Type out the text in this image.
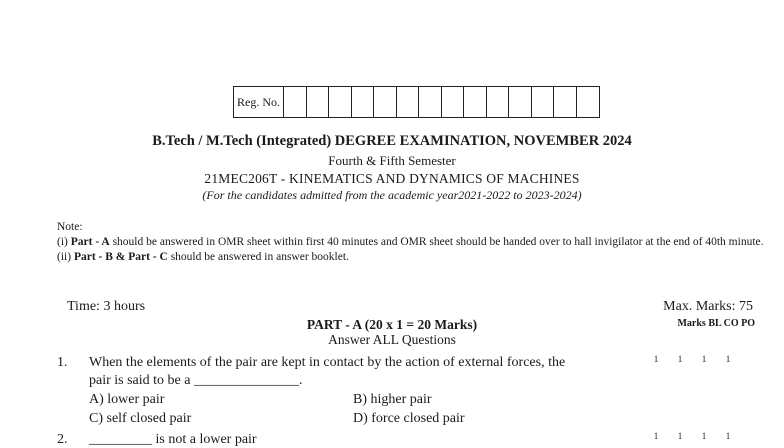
Reg. No.
B.Tech / M.Tech (Integrated) DEGREE EXAMINATION, NOVEMBER 2024
Fourth & Fifth Semester
21MEC206T - KINEMATICS AND DYNAMICS OF MACHINES
(For the candidates admitted from the academic year2021-2022 to 2023-2024)

Note:

(i) Part - A should be answered in OMR sheet within first 40 minutes and OMR sheet should be handed over to hall invigilator at the end of 40th minute.

(ii) Part - B & Part - C should be answered in answer booklet.

Time: 3 hours	Max. Marks: 75
PART - A (20 x 1 = 20 Marks)
Answer ALL Questions
Marks BL CO PO
1. When the elements of the pair are kept in contact by the action of external forces, the	1 1 1 1
pair is said to be a _______________.
A) lower pair	B) higher pair
C) self closed pair	D) force closed pair
2. _________ is not a lower pair	1 1 1 1
